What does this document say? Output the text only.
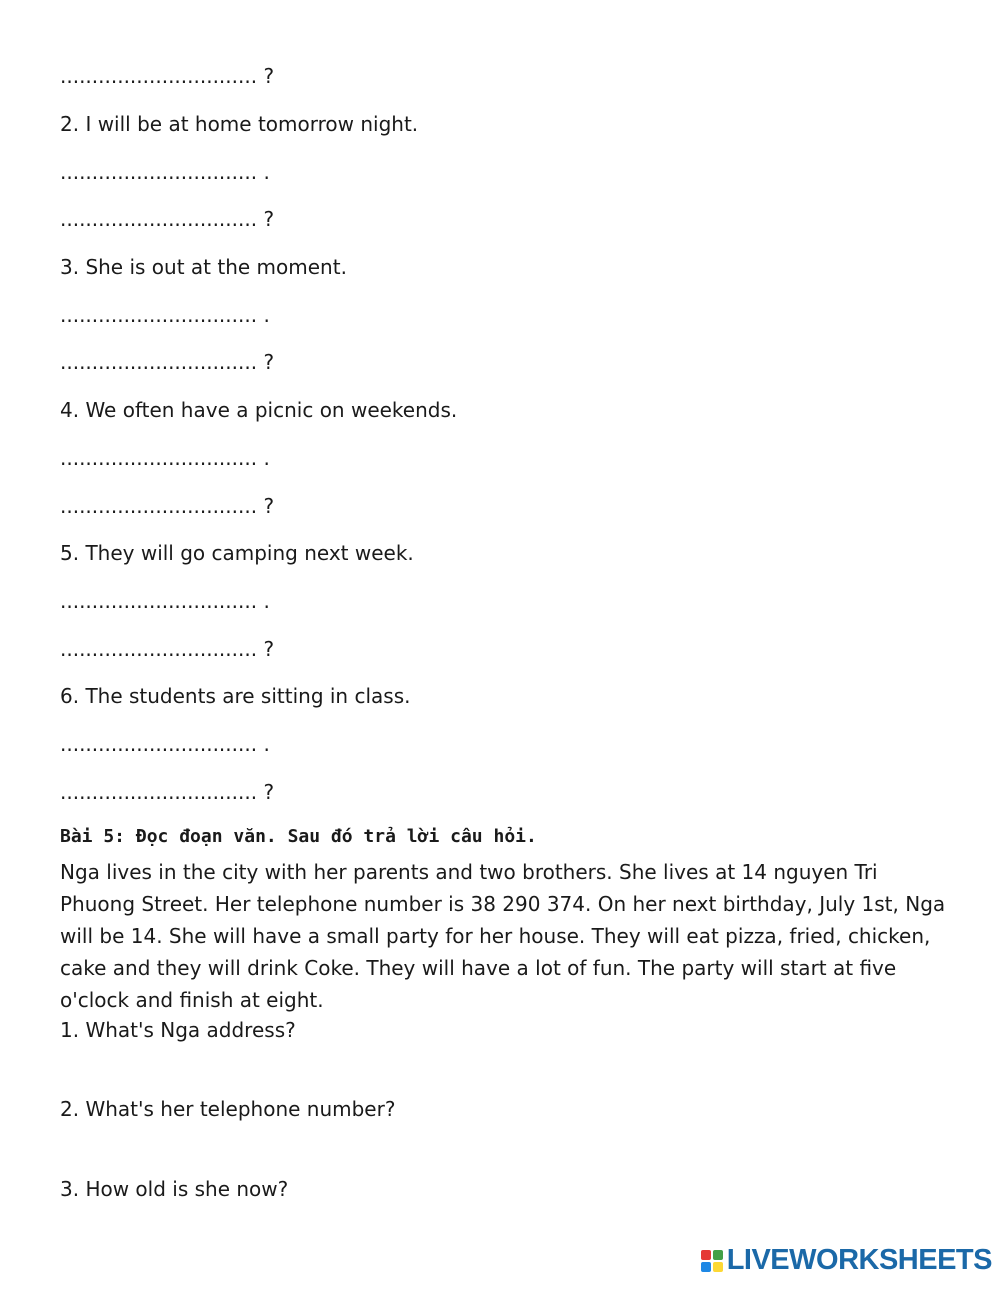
............................... ?
2. I will be at home tomorrow night.
............................... .
............................... ?
3. She is out at the moment.
............................... .
............................... ?
4. We often have a picnic on weekends.
............................... .
............................... ?
5. They will go camping next week.
............................... .
............................... ?
6. The students are sitting in class.
............................... .
............................... ?
Bài 5: Đọc đoạn văn. Sau đó trả lời câu hỏi.
Nga lives in the city with her parents and two brothers. She lives at 14 nguyen Tri Phuong Street. Her telephone number is 38 290 374. On her next birthday, July 1st, Nga will be 14. She will have a small party for her house. They will eat pizza, fried, chicken, cake and they will drink Coke. They will have a lot of fun. The party will start at five o'clock and finish at eight.
1. What's Nga address?
2. What's her telephone number?
3. How old is she now?
LIVEWORKSHEETS
